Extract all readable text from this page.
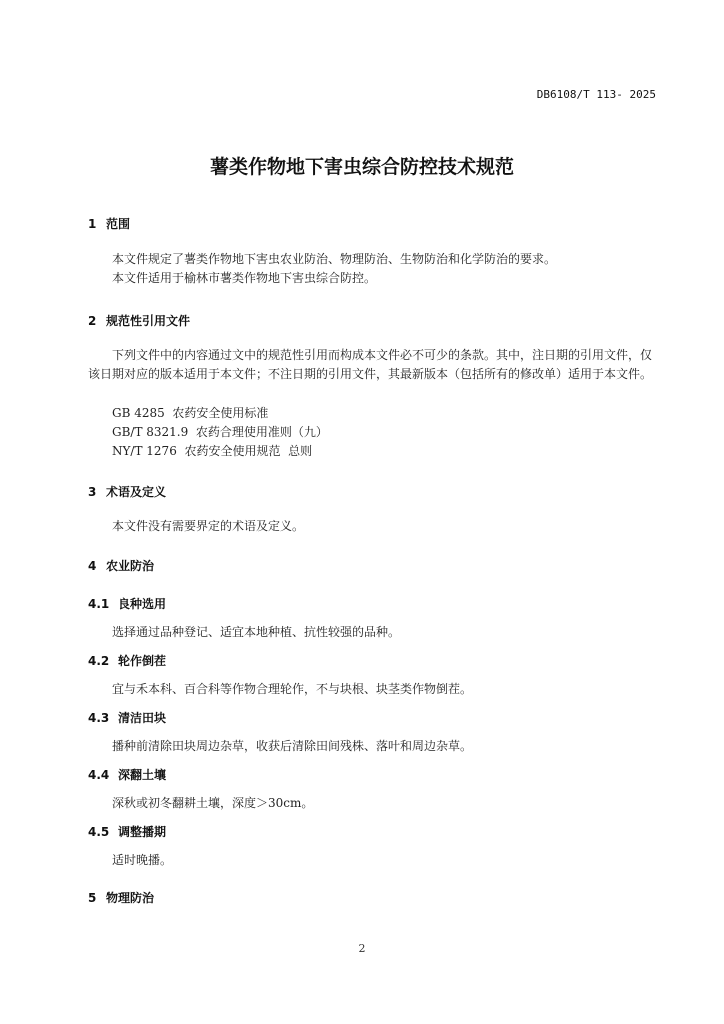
DB6108/T 113- 2025
薯类作物地下害虫综合防控技术规范
1 范围
本文件规定了薯类作物地下害虫农业防治、物理防治、生物防治和化学防治的要求。
本文件适用于榆林市薯类作物地下害虫综合防控。
2 规范性引用文件
下列文件中的内容通过文中的规范性引用而构成本文件必不可少的条款。其中，注日期的引用文件，仅该日期对应的版本适用于本文件；不注日期的引用文件，其最新版本（包括所有的修改单）适用于本文件。
GB 4285  农药安全使用标准
GB/T 8321.9  农药合理使用准则（九）
NY/T 1276  农药安全使用规范  总则
3 术语及定义
本文件没有需要界定的术语及定义。
4 农业防治
4.1 良种选用
选择通过品种登记、适宜本地种植、抗性较强的品种。
4.2 轮作倒茬
宜与禾本科、百合科等作物合理轮作，不与块根、块茎类作物倒茬。
4.3 清洁田块
播种前清除田块周边杂草，收获后清除田间残株、落叶和周边杂草。
4.4 深翻土壤
深秋或初冬翻耕土壤，深度＞30cm。
4.5 调整播期
适时晚播。
5 物理防治
2
